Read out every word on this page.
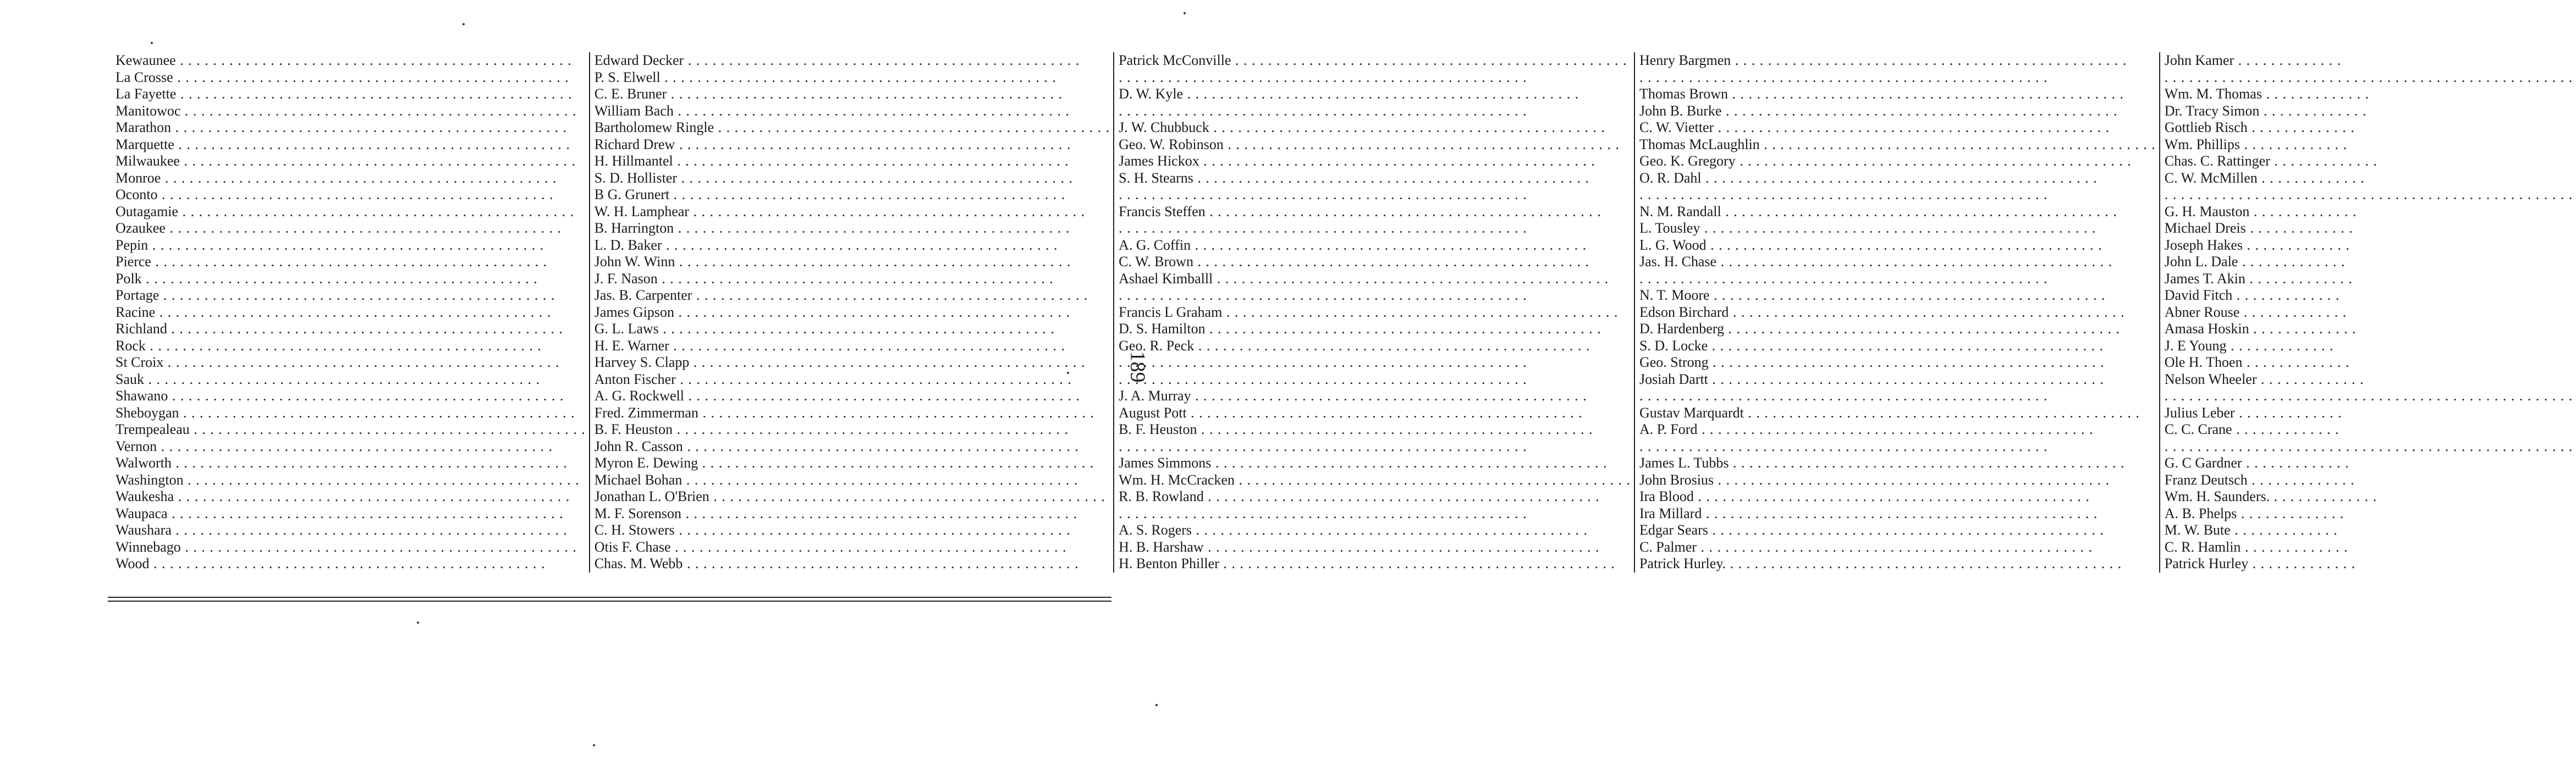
Kewaunee . . .	Edward Decker . . .	Patrick McConville . . .	Henry Bargmen . . .	John Kamer . . .
La Crosse . . .	P. S. Elwell . . .	. . .	. . .	. . .
La Fayette . . .	C. E. Bruner . . .	D. W. Kyle . . .	Thomas Brown . . .	Wm. M. Thomas . . .
Manitowoc . . .	William Bach . . .	. . .	John B. Burke . . .	Dr. Tracy Simon . . .
Marathon . . .	Bartholomew Ringle . . .	J. W. Chubbuck . . .	C. W. Vietter . . .	Gottlieb Risch . . .
Marquette . . .	Richard Drew . . .	Geo. W. Robinson . . .	Thomas McLaughlin . . .	Wm. Phillips . . .
Milwaukee . . .	H. Hillmantel . . .	James Hickox . . .	Geo. K. Gregory . . .	Chas. C. Rattinger . . .
Monroe . . .	S. D. Hollister . . .	S. H. Stearns . . .	O. R. Dahl . . .	C. W. McMillen . . .
Oconto . . .	B G. Grunert . . .	. . .	. . .	. . .
Outagamie . . .	W. H. Lamphear . . .	Francis Steffen . . .	N. M. Randall . . .	G. H. Mauston . . .
Ozaukee . . .	B. Harrington . . .	. . .	L. Tousley . . .	Michael Dreis . . .
Pepin . . .	L. D. Baker . . .	A. G. Coffin . . .	L. G. Wood . . .	Joseph Hakes . . .
Pierce . . .	John W. Winn . . .	C. W. Brown . . .	Jas. H. Chase . . .	John L. Dale . . .
Polk . . .	J. F. Nason . . .	Ashael Kimballl . . .	. . .	James T. Akin . . .
Portage . . .	Jas. B. Carpenter . . .	. . .	N. T. Moore . . .	David Fitch . . .
Racine . . .	James Gipson . . .	Francis L Graham . . .	Edson Birchard . . .	Abner Rouse . . .
Richland . . .	G. L. Laws . . .	D. S. Hamilton . . .	D. Hardenberg . . .	Amasa Hoskin . . .
Rock . . .	H. E. Warner . . .	Geo. R. Peck . . .	S. D. Locke . . .	J. E Young . . .
St Croix . . .	Harvey S. Clapp . . .	. . .	Geo. Strong . . .	Ole H. Thoen . . .
Sauk . . .	Anton Fischer . . .	. . .	Josiah Dartt . . .	Nelson Wheeler . . .
Shawano . . .	A. G. Rockwell . . .	J. A. Murray . . .	. . .	. . .
Sheboygan . . .	Fred. Zimmerman . . .	August Pott . . .	Gustav Marquardt . . .	Julius Leber . . .
Trempealeau . . .	B. F. Heuston . . .	B. F. Heuston . . .	A. P. Ford . . .	C. C. Crane . . .
Vernon . . .	John R. Casson . . .	. . .	. . .	. . .
Walworth . . .	Myron E. Dewing . . .	James Simmons . . .	James L. Tubbs . . .	G. C Gardner . . .
Washington . . .	Michael Bohan . . .	Wm. H. McCracken . . .	John Brosius . . .	Franz Deutsch . . .
Waukesha . . .	Jonathan L. O'Brien . . .	R. B. Rowland . . .	Ira Blood . . .	Wm. H. Saunders. . . .
Waupaca . . .	M. F. Sorenson . . .	. . .	Ira Millard . . .	A. B. Phelps . . .
Waushara . . .	C. H. Stowers . . .	A. S. Rogers . . .	Edgar Sears . . .	M. W. Bute . . .
Winnebago . . .	Otis F. Chase . . .	H. B. Harshaw . . .	C. Palmer . . .	C. R. Hamlin . . .
Wood . . .	Chas. M. Webb . . .	H. Benton Philler . . .	Patrick Hurley. . . .	Patrick Hurley . . .
189
